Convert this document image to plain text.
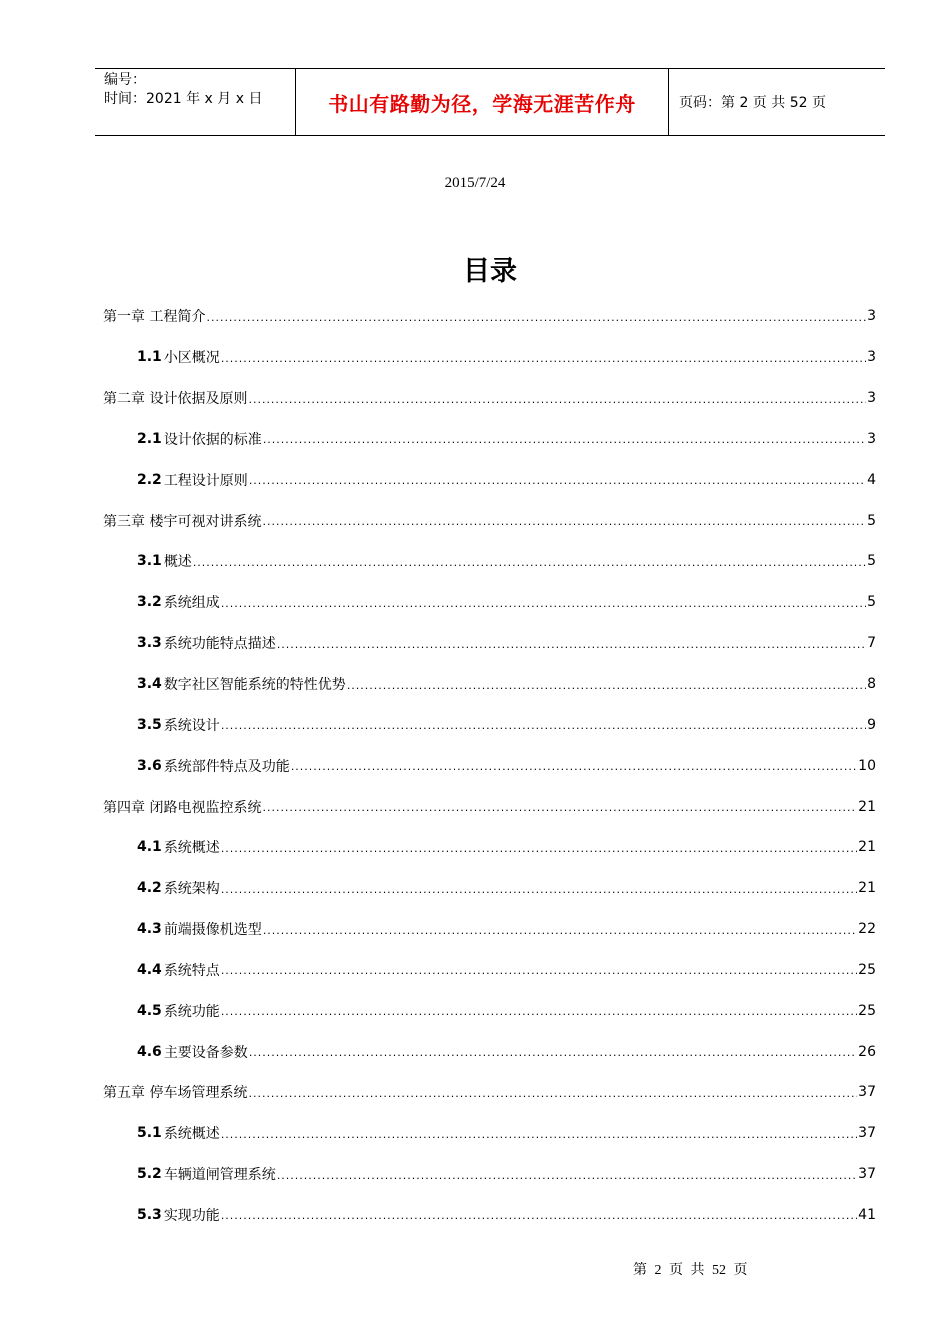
编号：
时间：2021 年 x 月 x 日	书山有路勤为径，学海无涯苦作舟	页码：第 2 页 共 52 页
2015/7/24
目录
第一章 工程简介 .....	3
1.1 小区概况 .....	3
第二章 设计依据及原则 .....	3
2.1 设计依据的标准 .....	3
2.2 工程设计原则 .....	4
第三章 楼宇可视对讲系统 .....	5
3.1 概述 .....	5
3.2 系统组成 .....	5
3.3 系统功能特点描述 .....	7
3.4 数字社区智能系统的特性优势 .....	8
3.5 系统设计 .....	9
3.6 系统部件特点及功能 .....	10
第四章 闭路电视监控系统 .....	21
4.1 系统概述 .....	21
4.2 系统架构 .....	21
4.3 前端摄像机选型 .....	22
4.4 系统特点 .....	25
4.5 系统功能 .....	25
4.6 主要设备参数 .....	26
第五章 停车场管理系统 .....	37
5.1 系统概述 .....	37
5.2 车辆道闸管理系统 .....	37
5.3 实现功能 .....	41
第 2 页 共 52 页
